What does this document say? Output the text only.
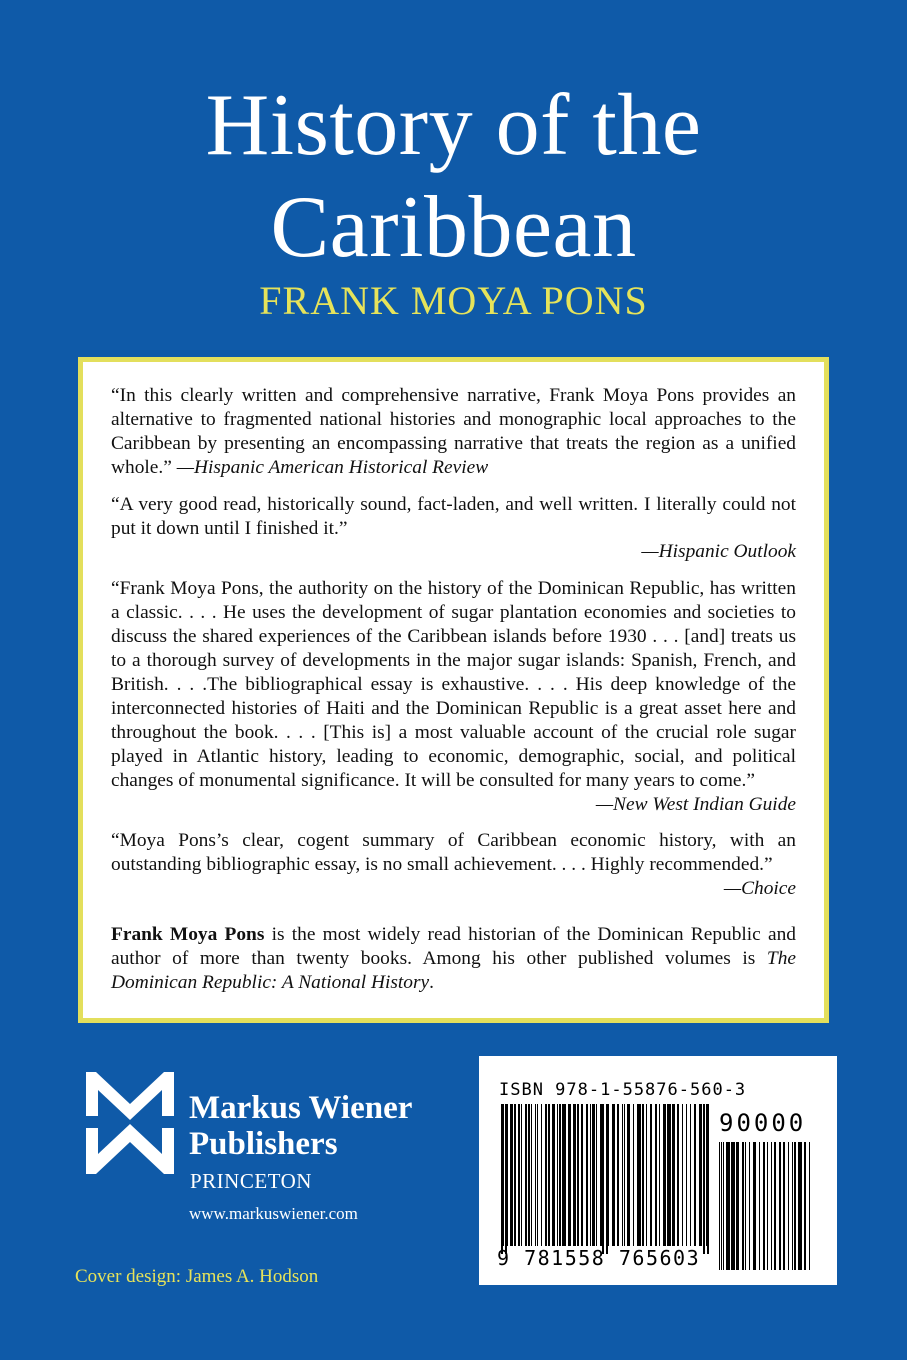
History of the
Caribbean
FRANK MOYA PONS

“In this clearly written and comprehensive narrative, Frank Moya Pons provides an alternative to fragmented national histories and monographic local approaches to the Caribbean by presenting an encompassing narrative that treats the region as a unified whole.” —Hispanic American Historical Review

“A very good read, historically sound, fact-laden, and well written. I literally could not put it down until I finished it.”
—Hispanic Outlook

“Frank Moya Pons, the authority on the history of the Dominican Republic, has written a classic. . . . He uses the development of sugar plantation economies and societies to discuss the shared experiences of the Caribbean islands before 1930 . . . [and] treats us to a thorough survey of developments in the major sugar islands: Spanish, French, and British. . . .The bibliographical essay is exhaustive. . . . His deep knowledge of the interconnected histories of Haiti and the Dominican Republic is a great asset here and throughout the book. . . . [This is] a most valuable account of the crucial role sugar played in Atlantic history, leading to economic, demographic, social, and political changes of monumental significance. It will be consulted for many years to come.”
—New West Indian Guide

“Moya Pons’s clear, cogent summary of Caribbean economic history, with an outstanding bibliographic essay, is no small achievement. . . . Highly recommended.”
—Choice

Frank Moya Pons is the most widely read historian of the Dominican Republic and author of more than twenty books. Among his other published volumes is The Dominican Republic: A National History.

Markus Wiener
Publishers
PRINCETON
www.markuswiener.com
Cover design: James A. Hodson
ISBN 978-1-55876-560-3
90000
9 781558 765603
